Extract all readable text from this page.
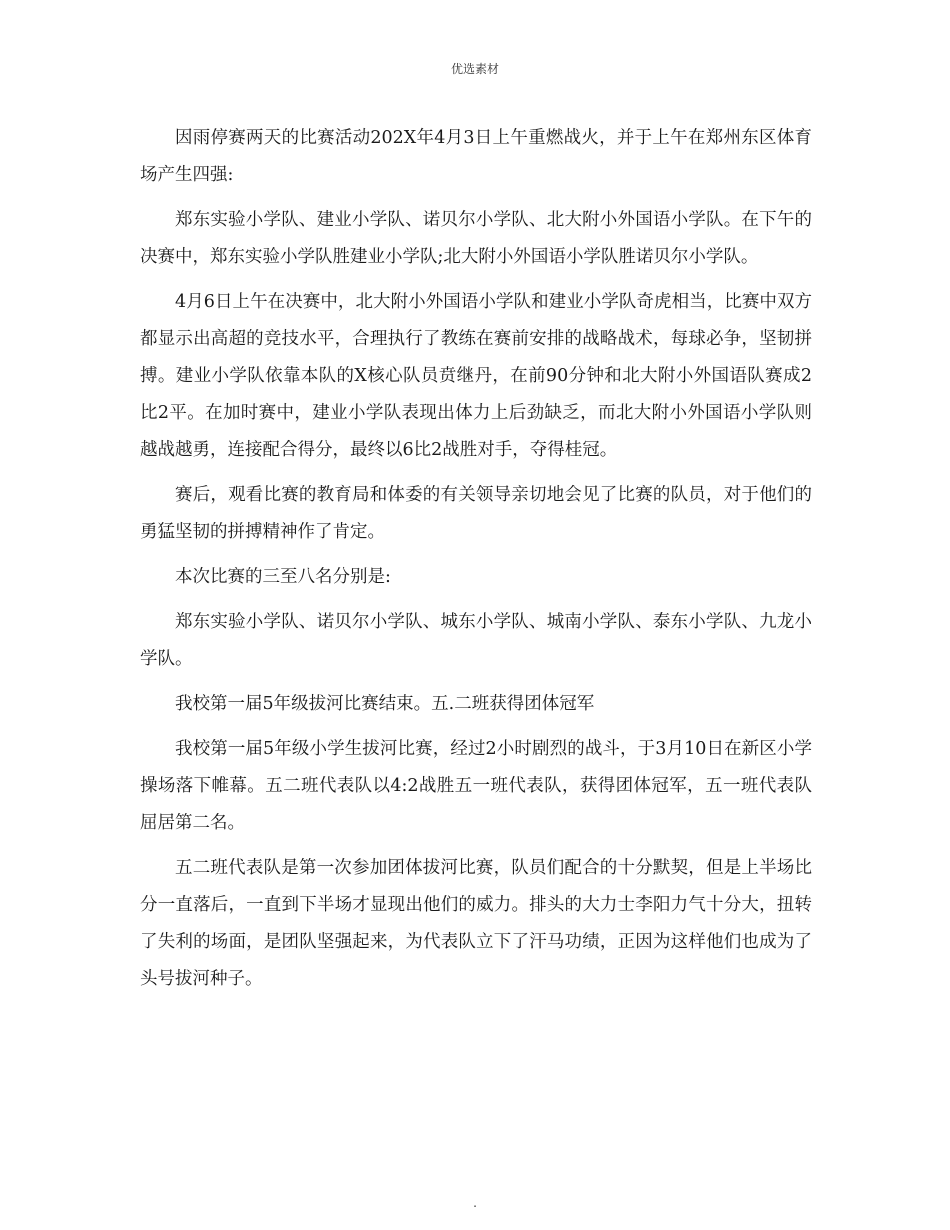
优选素材

因雨停赛两天的比赛活动202X年4月3日上午重燃战火，并于上午在郑州东区体育场产生四强:

郑东实验小学队、建业小学队、诺贝尔小学队、北大附小外国语小学队。在下午的决赛中，郑东实验小学队胜建业小学队;北大附小外国语小学队胜诺贝尔小学队。

4月6日上午在决赛中，北大附小外国语小学队和建业小学队奇虎相当，比赛中双方都显示出高超的竞技水平，合理执行了教练在赛前安排的战略战术，每球必争，坚韧拼搏。建业小学队依靠本队的X核心队员贲继丹，在前90分钟和北大附小外国语队赛成2比2平。在加时赛中，建业小学队表现出体力上后劲缺乏，而北大附小外国语小学队则越战越勇，连接配合得分，最终以6比2战胜对手，夺得桂冠。

赛后，观看比赛的教育局和体委的有关领导亲切地会见了比赛的队员，对于他们的勇猛坚韧的拼搏精神作了肯定。

本次比赛的三至八名分别是:

郑东实验小学队、诺贝尔小学队、城东小学队、城南小学队、泰东小学队、九龙小学队。

我校第一届5年级拔河比赛结束。五.二班获得团体冠军

我校第一届5年级小学生拔河比赛，经过2小时剧烈的战斗，于3月10日在新区小学操场落下帷幕。五二班代表队以4:2战胜五一班代表队，获得团体冠军，五一班代表队屈居第二名。

五二班代表队是第一次参加团体拔河比赛，队员们配合的十分默契，但是上半场比分一直落后，一直到下半场才显现出他们的威力。排头的大力士李阳力气十分大，扭转了失利的场面，是团队坚强起来，为代表队立下了汗马功绩，正因为这样他们也成为了头号拔河种子。

.
